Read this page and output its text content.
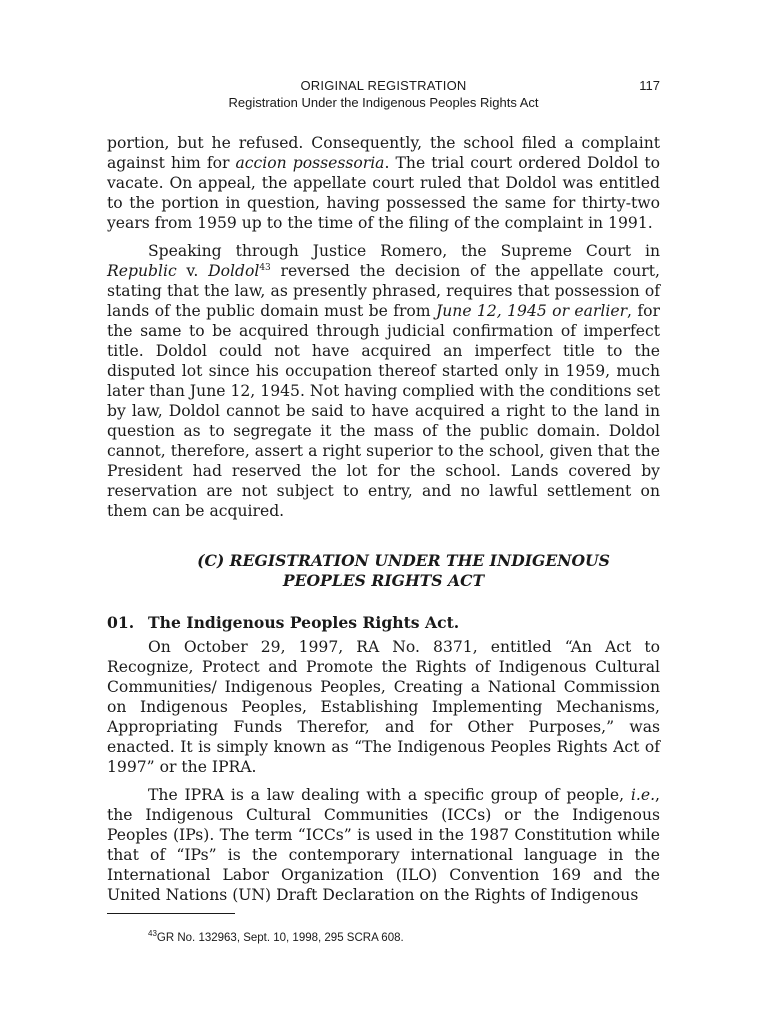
ORIGINAL REGISTRATION
Registration Under the Indigenous Peoples Rights Act
117

portion, but he refused. Consequently, the school filed a complaint against him for accion possessoria. The trial court ordered Doldol to vacate. On appeal, the appellate court ruled that Doldol was entitled to the portion in question, having possessed the same for thirty-two years from 1959 up to the time of the filing of the complaint in 1991.

Speaking through Justice Romero, the Supreme Court in Republic v. Doldol$^{43}$ reversed the decision of the appellate court, stating that the law, as presently phrased, requires that possession of lands of the public domain must be from June 12, 1945 or earlier, for the same to be acquired through judicial confirmation of imperfect title. Doldol could not have acquired an imperfect title to the disputed lot since his occupation thereof started only in 1959, much later than June 12, 1945. Not having complied with the conditions set by law, Doldol cannot be said to have acquired a right to the land in question as to segregate it the mass of the public domain. Doldol cannot, therefore, assert a right superior to the school, given that the President had reserved the lot for the school. Lands covered by reservation are not subject to entry, and no lawful settlement on them can be acquired.

(C) REGISTRATION UNDER THE INDIGENOUS
PEOPLES RIGHTS ACT

01. The Indigenous Peoples Rights Act.

On October 29, 1997, RA No. 8371, entitled “An Act to Recognize, Protect and Promote the Rights of Indigenous Cultural Communities/ Indigenous Peoples, Creating a National Commission on Indigenous Peoples, Establishing Implementing Mechanisms, Appropriating Funds Therefor, and for Other Purposes,” was enacted. It is simply known as “The Indigenous Peoples Rights Act of 1997” or the IPRA.

The IPRA is a law dealing with a specific group of people, i.e., the Indigenous Cultural Communities (ICCs) or the Indigenous Peoples (IPs). The term “ICCs” is used in the 1987 Constitution while that of “IPs” is the contemporary international language in the International Labor Organization (ILO) Convention 169 and the United Nations (UN) Draft Declaration on the Rights of Indigenous

$^{43}$GR No. 132963, Sept. 10, 1998, 295 SCRA 608.
